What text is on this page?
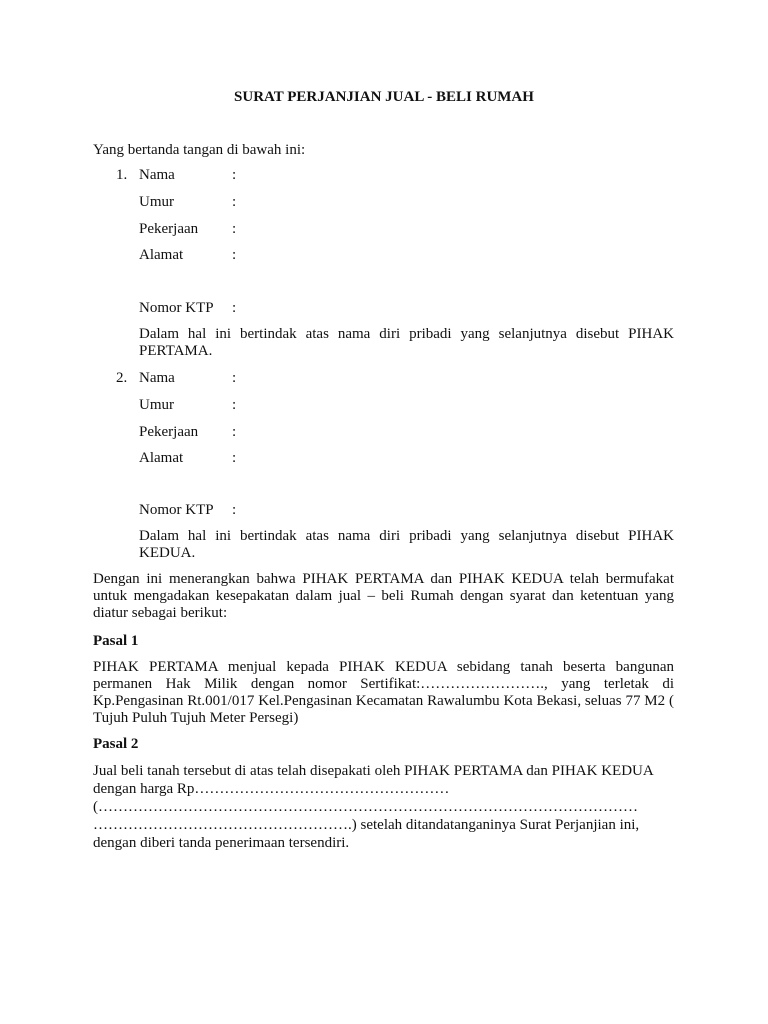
SURAT PERJANJIAN JUAL - BELI RUMAH
Yang bertanda tangan di bawah ini:
1. Nama	:
Umur	:
Pekerjaan :
Alamat	:
Nomor KTP :
Dalam hal ini bertindak atas nama diri pribadi yang selanjutnya disebut PIHAK PERTAMA.
2. Nama	:
Umur	:
Pekerjaan :
Alamat	:
Nomor KTP :
Dalam hal ini bertindak atas nama diri pribadi yang selanjutnya disebut PIHAK KEDUA.
Dengan ini menerangkan bahwa PIHAK PERTAMA dan PIHAK KEDUA telah bermufakat untuk mengadakan kesepakatan dalam jual – beli Rumah dengan syarat dan ketentuan yang diatur sebagai berikut:
Pasal 1
PIHAK PERTAMA menjual kepada PIHAK KEDUA sebidang tanah beserta bangunan permanen Hak Milik dengan nomor Sertifikat:……………………., yang terletak di Kp.Pengasinan Rt.001/017 Kel.Pengasinan Kecamatan Rawalumbu Kota Bekasi, seluas 77 M2 ( Tujuh Puluh Tujuh Meter Persegi)
Pasal 2
Jual beli tanah tersebut di atas telah disepakati oleh PIHAK PERTAMA dan PIHAK KEDUA
dengan harga Rp……………………………………………
(………………………………………………………………………………………………
…………………………………………….) setelah ditandatanganinya Surat Perjanjian ini,
dengan diberi tanda penerimaan tersendiri.
